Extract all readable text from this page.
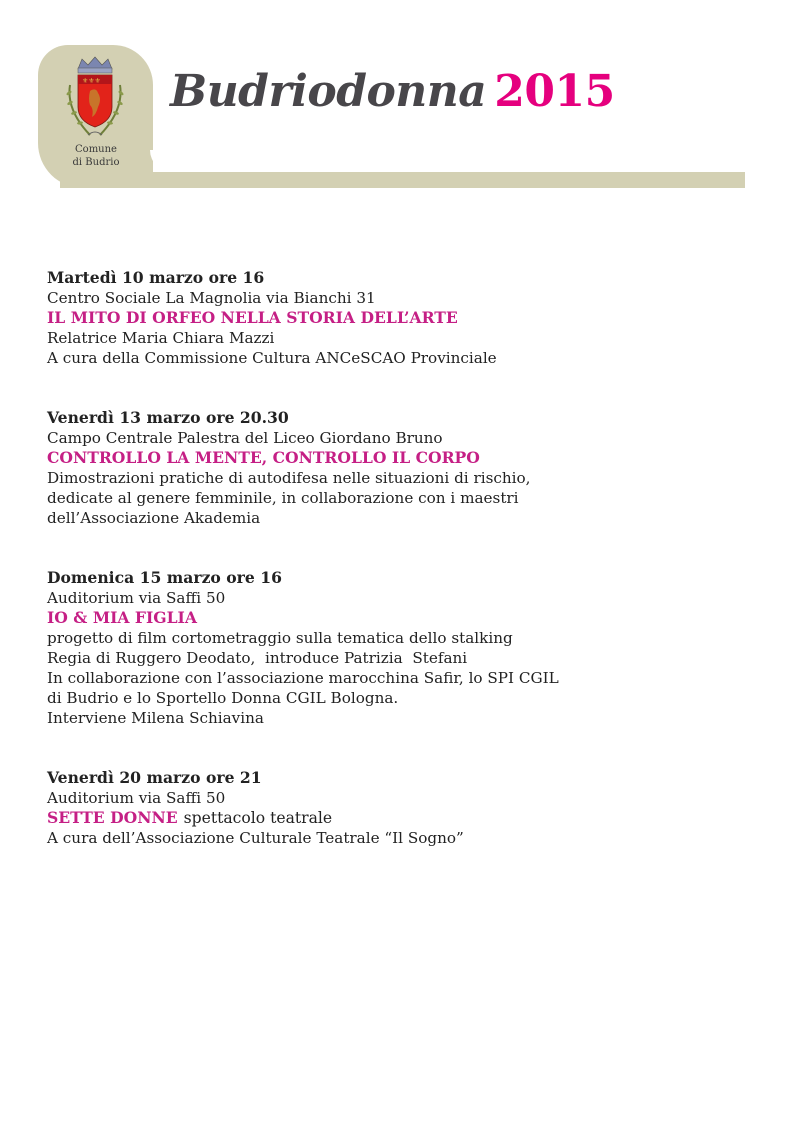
⚜⚜⚜
Comune
di Budrio
Budriodonna 2015
Martedì 10 marzo ore 16
Centro Sociale La Magnolia via Bianchi 31
IL MITO DI ORFEO NELLA STORIA DELL’ARTE
Relatrice Maria Chiara Mazzi
A cura della Commissione Cultura ANCeSCAO Provinciale
Venerdì 13 marzo ore 20.30
Campo Centrale Palestra del Liceo Giordano Bruno
CONTROLLO LA MENTE, CONTROLLO IL CORPO
Dimostrazioni pratiche di autodifesa nelle situazioni di rischio,
dedicate al genere femminile, in collaborazione con i maestri
dell’Associazione Akademia
Domenica 15 marzo ore 16
Auditorium via Saffi 50
IO & MIA FIGLIA
progetto di film cortometraggio sulla tematica dello stalking
Regia di Ruggero Deodato,  introduce Patrizia  Stefani
In collaborazione con l’associazione marocchina Safir, lo SPI CGIL
di Budrio e lo Sportello Donna CGIL Bologna.
Interviene Milena Schiavina
Venerdì 20 marzo ore 21
Auditorium via Saffi 50
SETTE DONNE spettacolo teatrale
A cura dell’Associazione Culturale Teatrale “Il Sogno”
